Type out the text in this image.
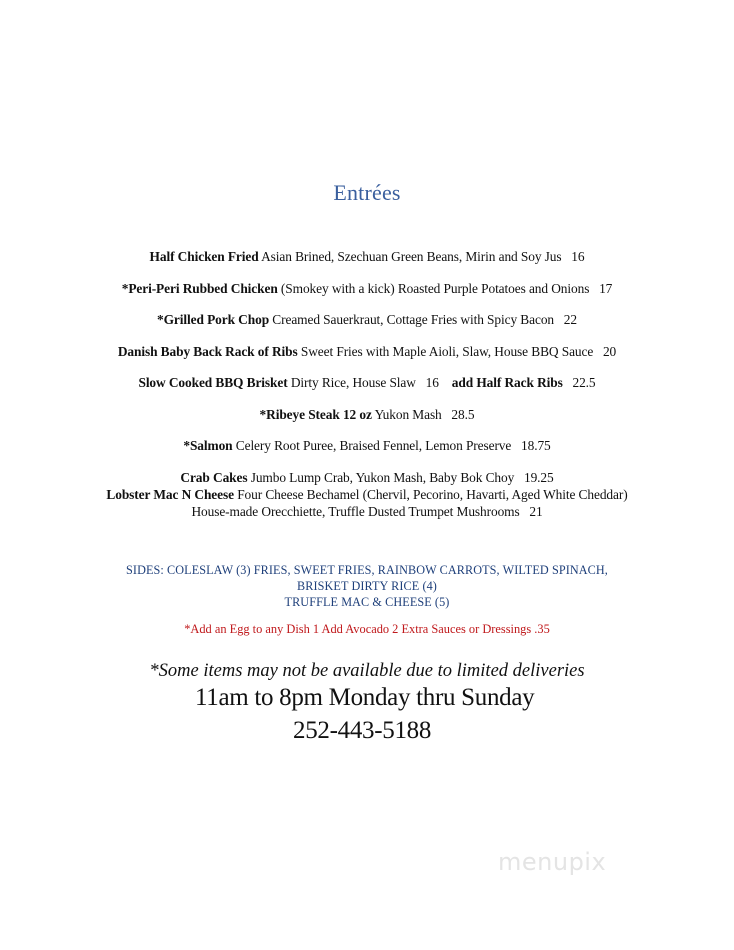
Entrées
Half Chicken Fried Asian Brined, Szechuan Green Beans, Mirin and Soy Jus 16
*Peri-Peri Rubbed Chicken (Smokey with a kick) Roasted Purple Potatoes and Onions 17
*Grilled Pork Chop Creamed Sauerkraut, Cottage Fries with Spicy Bacon 22
Danish Baby Back Rack of Ribs Sweet Fries with Maple Aioli, Slaw, House BBQ Sauce 20
Slow Cooked BBQ Brisket Dirty Rice, House Slaw 16 add Half Rack Ribs 22.5
*Ribeye Steak 12 oz Yukon Mash 28.5
*Salmon Celery Root Puree, Braised Fennel, Lemon Preserve 18.75
Crab Cakes Jumbo Lump Crab, Yukon Mash, Baby Bok Choy 19.25
Lobster Mac N Cheese Four Cheese Bechamel (Chervil, Pecorino, Havarti, Aged White Cheddar)
House-made Orecchiette, Truffle Dusted Trumpet Mushrooms 21
SIDES: COLESLAW (3) FRIES, SWEET FRIES, RAINBOW CARROTS, WILTED SPINACH,
BRISKET DIRTY RICE (4)
TRUFFLE MAC & CHEESE (5)
*Add an Egg to any Dish 1 Add Avocado 2 Extra Sauces or Dressings .35
*Some items may not be available due to limited deliveries
11am to 8pm Monday thru Sunday
252-443-5188
menupix
